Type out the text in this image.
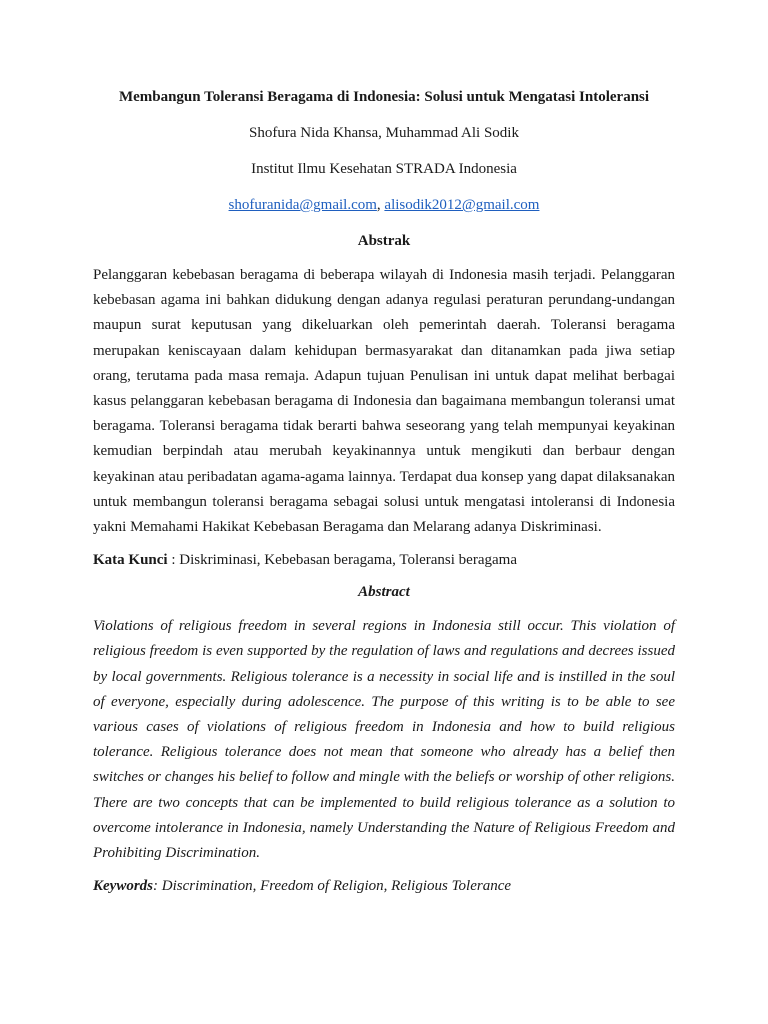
Membangun Toleransi Beragama di Indonesia: Solusi untuk Mengatasi Intoleransi
Shofura Nida Khansa, Muhammad Ali Sodik
Institut Ilmu Kesehatan STRADA Indonesia
shofuranida@gmail.com, alisodik2012@gmail.com
Abstrak

Pelanggaran kebebasan beragama di beberapa wilayah di Indonesia masih terjadi. Pelanggaran kebebasan agama ini bahkan didukung dengan adanya regulasi peraturan perundang-undangan maupun surat keputusan yang dikeluarkan oleh pemerintah daerah. Toleransi beragama merupakan keniscayaan dalam kehidupan bermasyarakat dan ditanamkan pada jiwa setiap orang, terutama pada masa remaja. Adapun tujuan Penulisan ini untuk dapat melihat berbagai kasus pelanggaran kebebasan beragama di Indonesia dan bagaimana membangun toleransi umat beragama. Toleransi beragama tidak berarti bahwa seseorang yang telah mempunyai keyakinan kemudian berpindah atau merubah keyakinannya untuk mengikuti dan berbaur dengan keyakinan atau peribadatan agama-agama lainnya. Terdapat dua konsep yang dapat dilaksanakan untuk membangun toleransi beragama sebagai solusi untuk mengatasi intoleransi di Indonesia yakni Memahami Hakikat Kebebasan Beragama dan Melarang adanya Diskriminasi.

Kata Kunci : Diskriminasi, Kebebasan beragama, Toleransi beragama
Abstract

Violations of religious freedom in several regions in Indonesia still occur. This violation of religious freedom is even supported by the regulation of laws and regulations and decrees issued by local governments. Religious tolerance is a necessity in social life and is instilled in the soul of everyone, especially during adolescence. The purpose of this writing is to be able to see various cases of violations of religious freedom in Indonesia and how to build religious tolerance. Religious tolerance does not mean that someone who already has a belief then switches or changes his belief to follow and mingle with the beliefs or worship of other religions. There are two concepts that can be implemented to build religious tolerance as a solution to overcome intolerance in Indonesia, namely Understanding the Nature of Religious Freedom and Prohibiting Discrimination.

Keywords: Discrimination, Freedom of Religion, Religious Tolerance
